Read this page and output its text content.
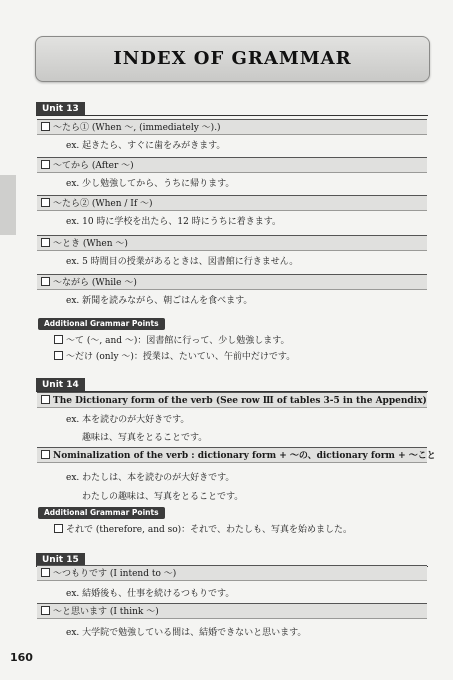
INDEX OF GRAMMAR
Unit 13
～たら① (When ～, (immediately ～).)
ex. 起きたら、すぐに歯をみがきます。
～てから (After ～)
ex. 少し勉強してから、うちに帰ります。
～たら② (When / If ～)
ex. 10 時に学校を出たら、12 時にうちに着きます。
～とき (When ～)
ex. 5 時間目の授業があるときは、図書館に行きません。
～ながら (While ～)
ex. 新聞を読みながら、朝ごはんを食べます。
Additional Grammar Points
～て (～, and ～)：図書館に行って、少し勉強します。
～だけ (only ～)：授業は、たいてい、午前中だけです。
Unit 14
The Dictionary form of the verb (See row Ⅲ of tables 3-5 in the Appendix)
ex. 本を読むのが大好きです。
趣味は、写真をとることです。
Nominalization of the verb : dictionary form + ～の、dictionary form + ～こと
ex. わたしは、本を読むのが大好きです。
わたしの趣味は、写真をとることです。
Additional Grammar Points
それで (therefore, and so)：それで、わたしも、写真を始めました。
Unit 15
～つもりです (I intend to ～)
ex. 結婚後も、仕事を続けるつもりです。
～と思います (I think ～)
ex. 大学院で勉強している間は、結婚できないと思います。
160
